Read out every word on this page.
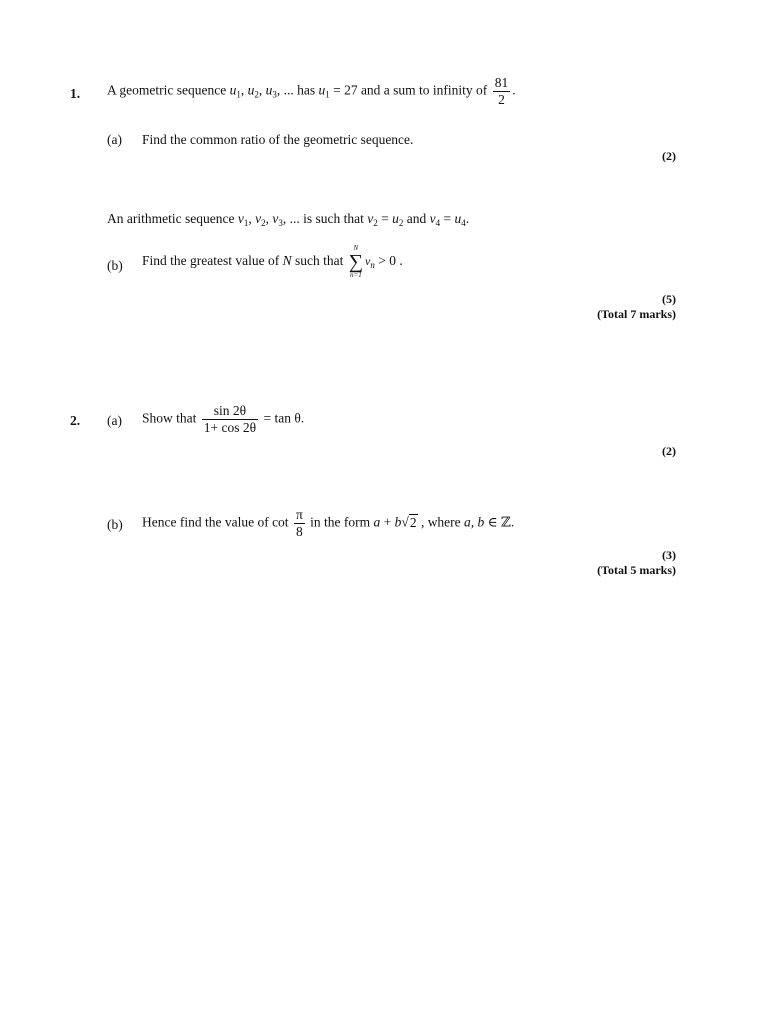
1. A geometric sequence $u_1$, $u_2$, $u_3$, ... has $u_1 = 27$ and a sum to infinity of $\frac{81}{2}$ .
(a) Find the common ratio of the geometric sequence.
(2)
An arithmetic sequence $v_1$, $v_2$, $v_3$, ... is such that $v_2 = u_2$ and $v_4 = u_4$.
(b) Find the greatest value of N such that
N
∑
n=1
$v_n > 0$ .
(5)
(Total 7 marks)
2. (a) Show that $\frac{\sin 2\theta}{1+ \cos 2\theta} = \tan \theta$.
(2)
(b) Hence find the value of $\cot \frac{\pi}{8}$ in the form a + b√2 , where a, b ∈ ℤ.
(3)
(Total 5 marks)
